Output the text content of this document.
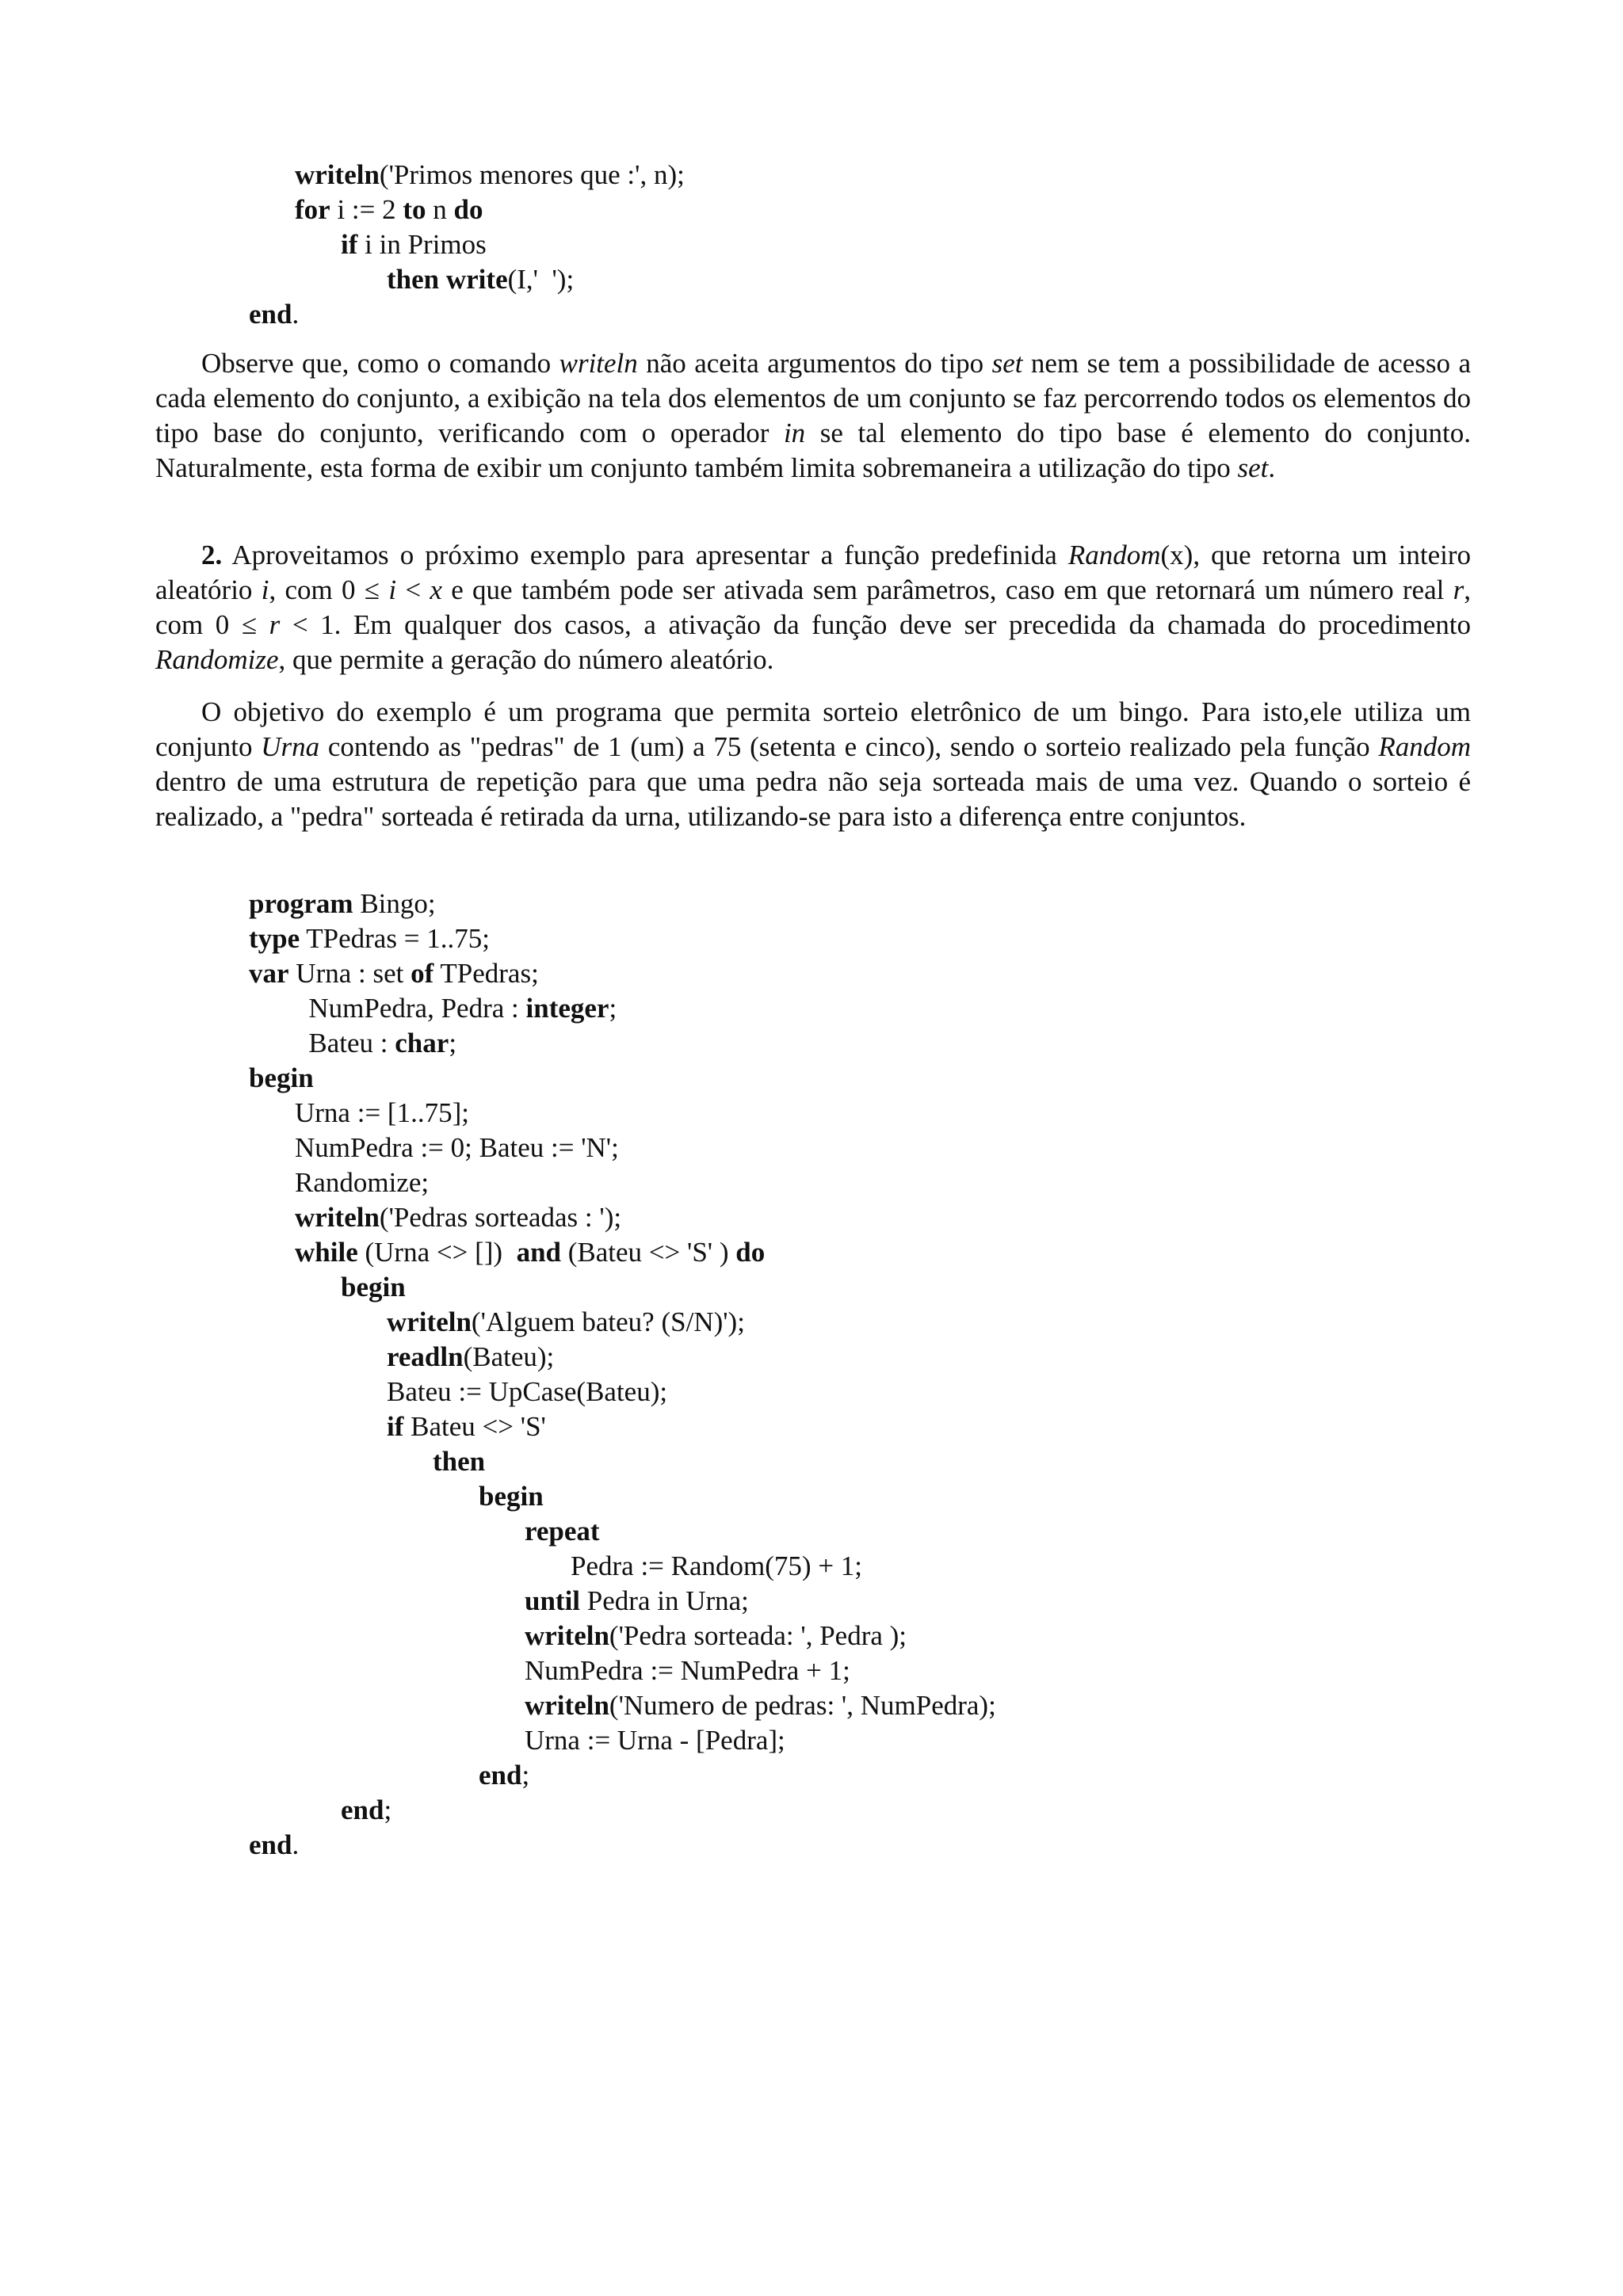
writeln('Primos menores que :', n);
for i := 2 to n do
if i in Primos
then write(I,'  ');
end.

Observe que, como o comando writeln não aceita argumentos do tipo set nem se tem a possibilidade de acesso a cada elemento do conjunto, a exibição na tela dos elementos de um conjunto se faz percorrendo todos os elementos do tipo base do conjunto, verificando com o operador in se tal elemento do tipo base é elemento do conjunto. Naturalmente, esta forma de exibir um conjunto também limita sobremaneira a utilização do tipo set.

2. Aproveitamos o próximo exemplo para apresentar a função predefinida Random(x), que retorna um inteiro aleatório i, com 0 ≤ i < x e que também pode ser ativada sem parâmetros, caso em que retornará um número real r, com 0 ≤ r < 1. Em qualquer dos casos, a ativação da função deve ser precedida da chamada do procedimento Randomize, que permite a geração do número aleatório.

O objetivo do exemplo é um programa que permita sorteio eletrônico de um bingo. Para isto,ele utiliza um conjunto Urna contendo as "pedras" de 1 (um) a 75 (setenta e cinco), sendo o sorteio realizado pela função Random dentro de uma estrutura de repetição para que uma pedra não seja sorteada mais de uma vez. Quando o sorteio é realizado, a "pedra" sorteada é retirada da urna, utilizando-se para isto a diferença entre conjuntos.

program Bingo;
type TPedras = 1..75;
var Urna : set of TPedras;
NumPedra, Pedra : integer;
Bateu : char;
begin
Urna := [1..75];
NumPedra := 0; Bateu := 'N';
Randomize;
writeln('Pedras sorteadas : ');
while (Urna <> [])  and (Bateu <> 'S' ) do
begin
writeln('Alguem bateu? (S/N)');
readln(Bateu);
Bateu := UpCase(Bateu);
if Bateu <> 'S'
then
begin
repeat
Pedra := Random(75) + 1;
until Pedra in Urna;
writeln('Pedra sorteada: ', Pedra );
NumPedra := NumPedra + 1;
writeln('Numero de pedras: ', NumPedra);
Urna := Urna - [Pedra];
end;
end;
end.
